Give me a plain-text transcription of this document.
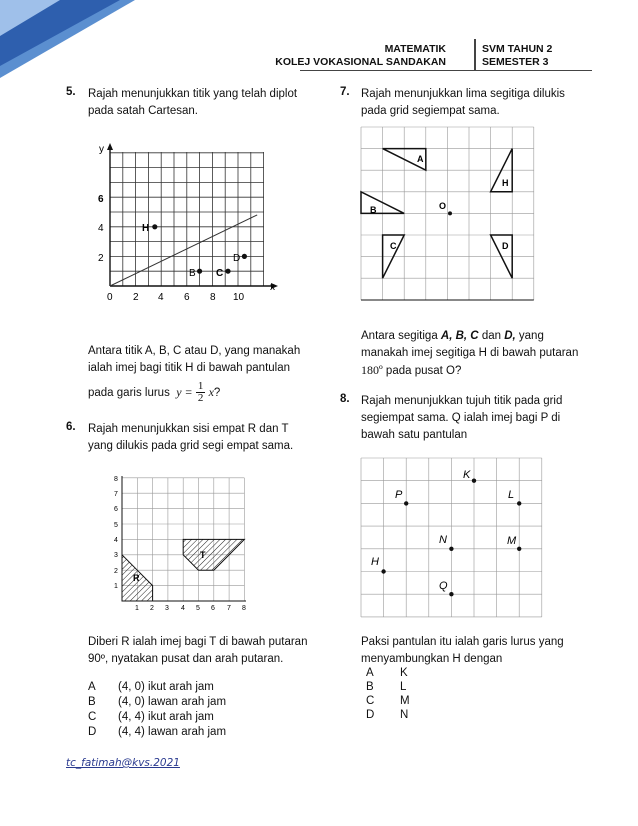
MATEMATIK
KOLEJ VOKASIONAL SANDAKAN
SVM TAHUN 2
SEMESTER 3
5. Rajah menunjukkan titik yang telah diplot
pada satah Cartesan.
y
x
2
4
6
0 2 4 6 8 10
H
D
B C
Antara titik A, B, C atau D, yang manakah
ialah imej bagi titik H di bawah pantulan
pada garis lurus $y = \frac{1}{2} x$?
6. Rajah menunjukkan sisi empat R dan T
yang dilukis pada grid segi empat sama.
R
T
1 2 3 4 5 6 7 8
1
2
3
4
5
6
7
8
Diberi R ialah imej bagi T di bawah putaran
90º, nyatakan pusat dan arah putaran.
A (4, 0) ikut arah jam
B (4, 0) lawan arah jam
C (4, 4) ikut arah jam
D (4, 4) lawan arah jam
7. Rajah menunjukkan lima segitiga dilukis
pada grid segiempat sama.
A
H
B	O
C	D
Antara segitiga A, B, C dan D, yang
manakah imej segitiga H di bawah putaran
180º pada pusat O?
8. Rajah menunjukkan tujuh titik pada grid
segiempat sama. Q ialah imej bagi P di
bawah satu pantulan
K
P	L
N	M
H
Q
Paksi pantulan itu ialah garis lurus yang
menyambungkan H dengan
A K
B L
C M
D N
tc_fatimah@kvs.2021
